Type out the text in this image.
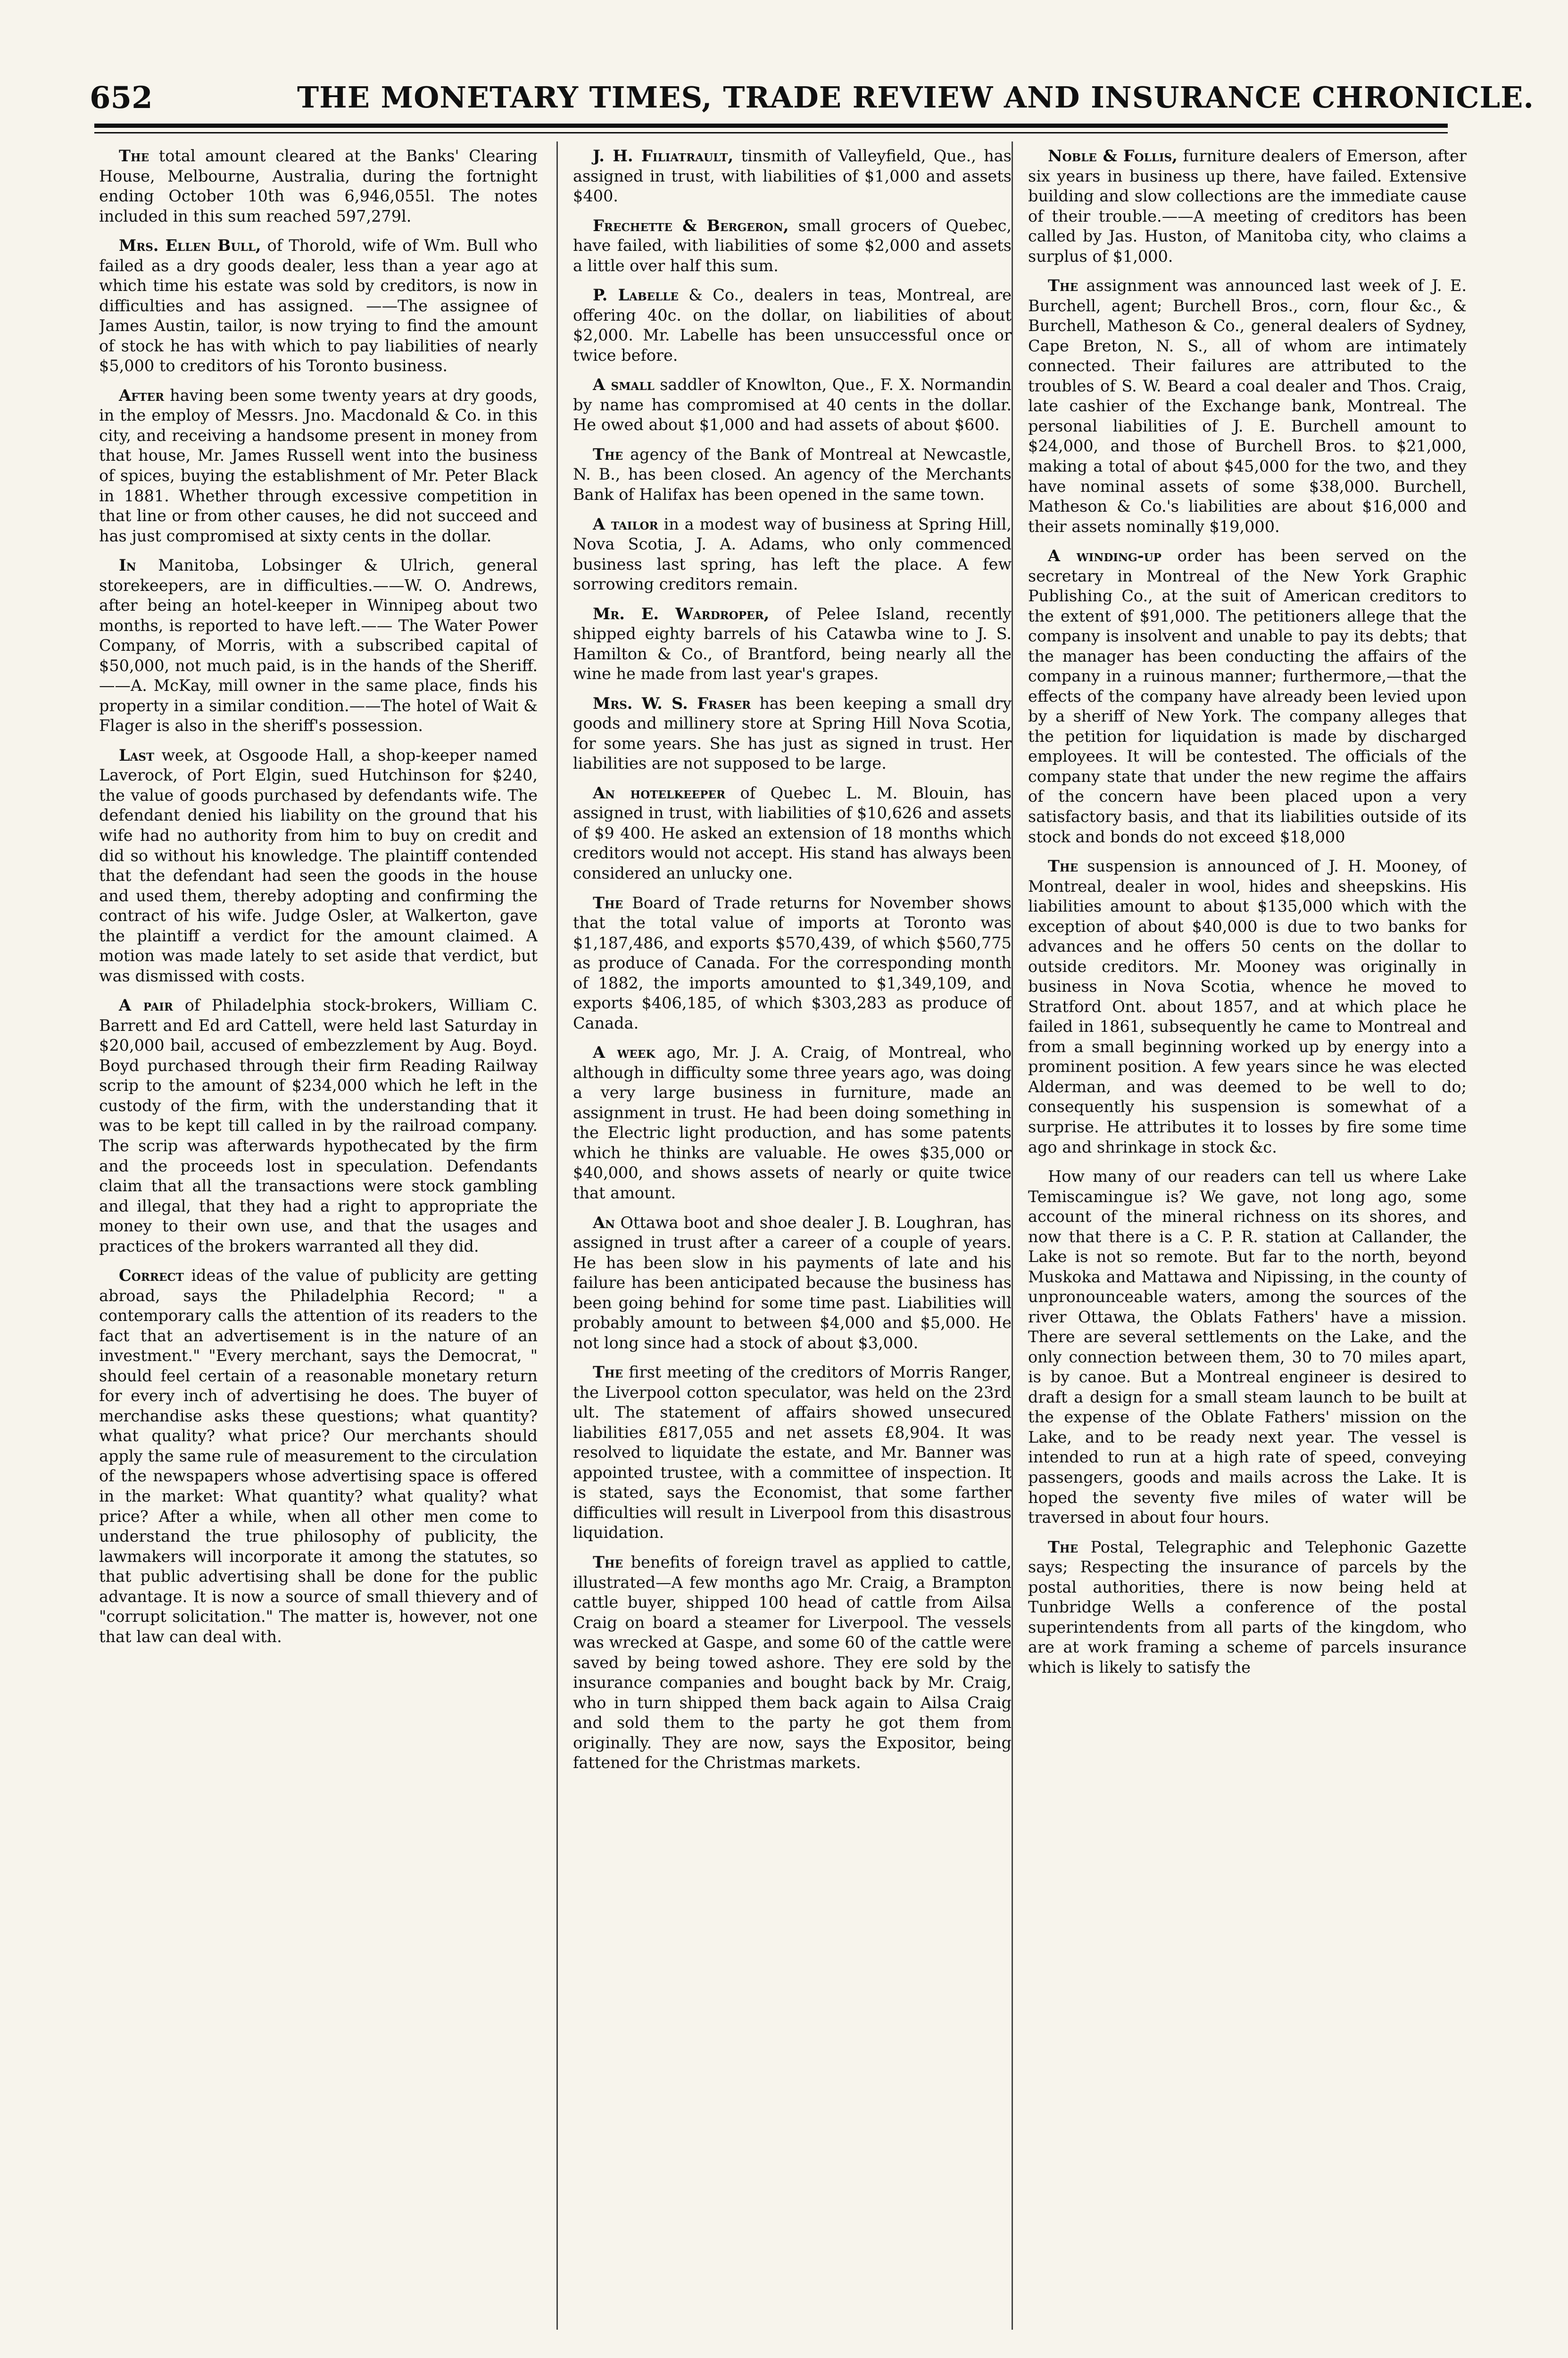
652	THE MONETARY TIMES, TRADE REVIEW AND INSURANCE CHRONICLE.

The total amount cleared at the Banks' Clearing House, Melbourne, Australia, during the fortnight ending October 10th was 6,946,055l. The notes included in this sum reached 597,279l.

Mrs. Ellen Bull, of Thorold, wife of Wm. Bull who failed as a dry goods dealer, less than a year ago at which time his estate was sold by creditors, is now in difficulties and has assigned. ——The assignee of James Austin, tailor, is now trying to find the amount of stock he has with which to pay liabilities of nearly $5,000 to creditors of his Toronto business.

After having been some twenty years at dry goods, in the employ of Messrs. Jno. Macdonald & Co. in this city, and receiving a handsome present in money from that house, Mr. James Russell went into the business of spices, buying the establishment of Mr. Peter Black in 1881. Whether through excessive competition in that line or from other causes, he did not succeed and has just compromised at sixty cents in the dollar.

In Manitoba, Lobsinger & Ulrich, general storekeepers, are in difficulties.——W. O. Andrews, after being an hotel-keeper in Winnipeg about two months, is reported to have left.—— The Water Power Company, of Morris, with a subscribed capital of $50,000, not much paid, is in the hands of the Sheriff.——A. McKay, mill owner in the same place, finds his property in a similar condition.——The hotel of Wait & Flager is also in the sheriff's possession.

Last week, at Osgoode Hall, a shop-keeper named Laverock, of Port Elgin, sued Hutchinson for $240, the value of goods purchased by defendants wife. The defendant denied his liability on the ground that his wife had no authority from him to buy on credit and did so without his knowledge. The plaintiff contended that the defendant had seen the goods in the house and used them, thereby adopting and confirming the contract of his wife. Judge Osler, at Walkerton, gave the plaintiff a verdict for the amount claimed. A motion was made lately to set aside that verdict, but was dismissed with costs.

A pair of Philadelphia stock-brokers, William C. Barrett and Ed ard Cattell, were held last Saturday in $20,000 bail, accused of embezzlement by Aug. Boyd. Boyd purchased through their firm Reading Railway scrip to the amount of $234,000 which he left in the custody of the firm, with the understanding that it was to be kept till called in by the railroad company. The scrip was afterwards hypothecated by the firm and the proceeds lost in speculation. Defendants claim that all the transactions were stock gambling and illegal, that they had a right to appropriate the money to their own use, and that the usages and practices of the brokers warranted all they did.

Correct ideas of the value of publicity are getting abroad, says the Philadelphia Record; " a contemporary calls the attention of its readers to the fact that an advertisement is in the nature of an investment." "Every merchant, says the Democrat, " should feel certain of a reasonable monetary return for every inch of advertising he does. The buyer of merchandise asks these questions; what quantity? what quality? what price? Our merchants should apply the same rule of measurement to the circulation of the newspapers whose advertising space is offered in the market: What quantity? what quality? what price? After a while, when all other men come to understand the true philosophy of publicity, the lawmakers will incorporate it among the statutes, so that public advertising shall be done for the public advantage. It is now a source of small thievery and of "corrupt solicitation." The matter is, however, not one that law can deal with.

J. H. Filiatrault, tinsmith of Valleyfield, Que., has assigned in trust, with liabilities of $1,000 and assets $400.

Frechette & Bergeron, small grocers of Quebec, have failed, with liabilities of some $2,000 and assets a little over half this sum.

P. Labelle & Co., dealers in teas, Montreal, are offering 40c. on the dollar, on liabilities of about $2,000. Mr. Labelle has been unsuccessful once or twice before.

A small saddler of Knowlton, Que., F. X. Normandin by name has compromised at 40 cents in the dollar. He owed about $1,000 and had assets of about $600.

The agency of the Bank of Montreal at Newcastle, N. B., has been closed. An agency of the Merchants Bank of Halifax has been opened in the same town.

A tailor in a modest way of business at Spring Hill, Nova Scotia, J. A. Adams, who only commenced business last spring, has left the place. A few sorrowing creditors remain.

Mr. E. Wardroper, of Pelee Island, recently shipped eighty barrels of his Catawba wine to J. S. Hamilton & Co., of Brantford, being nearly all the wine he made from last year's grapes.

Mrs. W. S. Fraser has been keeping a small dry goods and millinery store at Spring Hill Nova Scotia, for some years. She has just as signed in trust. Her liabilities are not supposed to be large.

An hotelkeeper of Quebec L. M. Blouin, has assigned in trust, with liabilities of $10,626 and assets of $9 400. He asked an extension of 18 months which creditors would not accept. His stand has always been considered an unlucky one.

The Board of Trade returns for November shows that the total value of imports at Toronto was $1,187,486, and exports $570,439, of which $560,775 as produce of Canada. For the corresponding month of 1882, the imports amounted to $1,349,109, and exports $406,185, of which $303,283 as produce of Canada.

A week ago, Mr. J. A. Craig, of Montreal, who although in difficulty some three years ago, was doing a very large business in furniture, made an assignment in trust. He had been doing something in the Electric light production, and has some patents which he thinks are valuable. He owes $35,000 or $40,000, and shows assets of nearly or quite twice that amount.

An Ottawa boot and shoe dealer J. B. Loughran, has assigned in trust after a career of a couple of years. He has been slow in his payments of late and his failure has been anticipated because the business has been going behind for some time past. Liabilities will probably amount to between $4,000 and $5,000. He not long since had a stock of about $3,000.

The first meeting of the creditors of Morris Ranger, the Liverpool cotton speculator, was held on the 23rd ult. The statement of affairs showed unsecured liabilities £817,055 and net assets £8,904. It was resolved to liquidate the estate, and Mr. Banner was appointed trustee, with a committee of inspection. It is stated, says the Economist, that some farther difficulties will result in Liverpool from this disastrous liquidation.

The benefits of foreign travel as applied to cattle, illustrated—A few months ago Mr. Craig, a Brampton cattle buyer, shipped 100 head of cattle from Ailsa Craig on board a steamer for Liverpool. The vessels was wrecked at Gaspe, and some 60 of the cattle were saved by being towed ashore. They ere sold by the insurance companies and bought back by Mr. Craig, who in turn shipped them back again to Ailsa Craig and sold them to the party he got them from originally. They are now, says the Expositor, being fattened for the Christmas markets.

Noble & Follis, furniture dealers of Emerson, after six years in business up there, have failed. Extensive building and slow collections are the immediate cause of their trouble.——A meeting of creditors has been called by Jas. Huston, of Manitoba city, who claims a surplus of $1,000.

The assignment was announced last week of J. E. Burchell, agent; Burchell Bros., corn, flour &c., & Burchell, Matheson & Co., general dealers of Sydney, Cape Breton, N. S., all of whom are intimately connected. Their failures are attributed to the troubles of S. W. Beard a coal dealer and Thos. Craig, late cashier of the Exchange bank, Montreal. The personal liabilities of J. E. Burchell amount to $24,000, and those of Burchell Bros. to $21,000, making a total of about $45,000 for the two, and they have nominal assets of some $38,000. Burchell, Matheson & Co.'s liabilities are about $16,000 and their assets nominally $19,000.

A winding-up order has been served on the secretary in Montreal of the New York Graphic Publishing Co., at the suit of American creditors to the extent of $91,000. The petitioners allege that the company is insolvent and unable to pay its debts; that the manager has been conducting the affairs of the company in a ruinous manner; furthermore,—that the effects of the company have already been levied upon by a sheriff of New York. The company alleges that the petition for liquidation is made by discharged employees. It will be contested. The officials of the company state that under the new regime the affairs of the concern have been placed upon a very satisfactory basis, and that its liabilities outside of its stock and bonds do not exceed $18,000

The suspension is announced of J. H. Mooney, of Montreal, dealer in wool, hides and sheepskins. His liabilities amount to about $135,000 which with the exception of about $40,000 is due to two banks for advances and he offers 50 cents on the dollar to outside creditors. Mr. Mooney was originally in business in Nova Scotia, whence he moved to Stratford Ont. about 1857, and at which place he failed in 1861, subsequently he came to Montreal and from a small beginning worked up by energy into a prominent position. A few years since he was elected Alderman, and was deemed to be well to do; consequently his suspension is somewhat of a surprise. He attributes it to losses by fire some time ago and shrinkage in stock &c.

How many of our readers can tell us where Lake Temiscamingue is? We gave, not long ago, some account of the mineral richness on its shores, and now that there is a C. P. R. station at Callander, the Lake is not so remote. But far to the north, beyond Muskoka and Mattawa and Nipissing, in the county of unpronounceable waters, among the sources of the river Ottawa, the Oblats Fathers' have a mission. There are several settlements on the Lake, and the only connection between them, 30 to 70 miles apart, is by canoe. But a Montreal engineer is desired to draft a design for a small steam launch to be built at the expense of the Oblate Fathers' mission on the Lake, and to be ready next year. The vessel is intended to run at a high rate of speed, conveying passengers, goods and mails across the Lake. It is hoped the seventy five miles of water will be traversed in about four hours.

The Postal, Telegraphic and Telephonic Gazette says; Respecting the insurance of parcels by the postal authorities, there is now being held at Tunbridge Wells a conference of the postal superintendents from all parts of the kingdom, who are at work framing a scheme of parcels insurance which is likely to satisfy the
